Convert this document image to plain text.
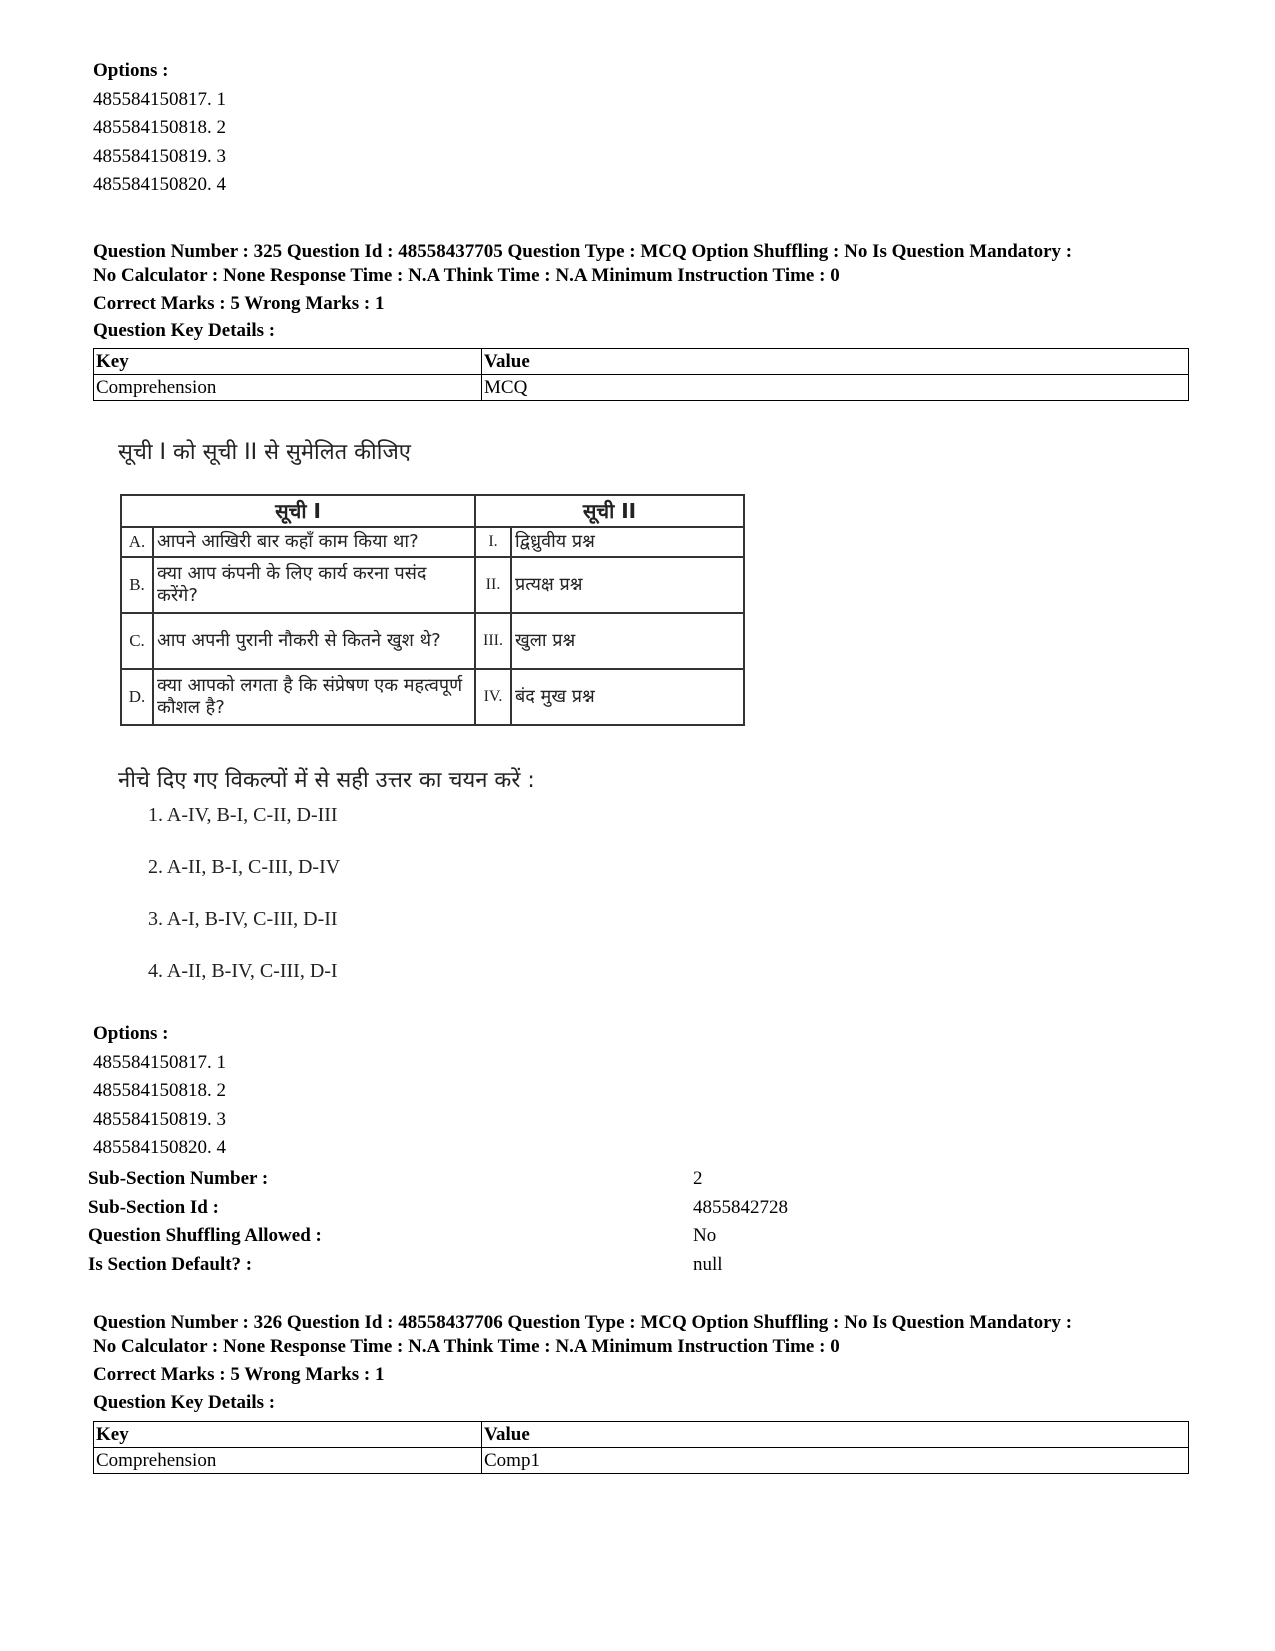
Options :
485584150817. 1
485584150818. 2
485584150819. 3
485584150820. 4
Question Number : 325 Question Id : 48558437705 Question Type : MCQ Option Shuffling : No Is Question Mandatory :
No Calculator : None Response Time : N.A Think Time : N.A Minimum Instruction Time : 0
Correct Marks : 5 Wrong Marks : 1
Question Key Details :
Key	Value
Comprehension	MCQ
सूची I को सूची II से सुमेलित कीजिए
सूची I		सूची II	
A.	आपने आखिरी बार कहाँ काम किया था?	I.	द्विध्रुवीय प्रश्न
B.	क्या आप कंपनी के लिए कार्य करना पसंद करेंगे?	II.	प्रत्यक्ष प्रश्न
C.	आप अपनी पुरानी नौकरी से कितने खुश थे?	III.	खुला प्रश्न
D.	क्या आपको लगता है कि संप्रेषण एक महत्वपूर्ण कौशल है?	IV.	बंद मुख प्रश्न
नीचे दिए गए विकल्पों में से सही उत्तर का चयन करें :
1. A-IV, B-I, C-II, D-III
2. A-II, B-I, C-III, D-IV
3. A-I, B-IV, C-III, D-II
4. A-II, B-IV, C-III, D-I
Options :
485584150817. 1
485584150818. 2
485584150819. 3
485584150820. 4
Sub-Section Number :	2
Sub-Section Id :	4855842728
Question Shuffling Allowed :	No
Is Section Default? :	null
Question Number : 326 Question Id : 48558437706 Question Type : MCQ Option Shuffling : No Is Question Mandatory :
No Calculator : None Response Time : N.A Think Time : N.A Minimum Instruction Time : 0
Correct Marks : 5 Wrong Marks : 1
Question Key Details :
Key	Value
Comprehension	Comp1
